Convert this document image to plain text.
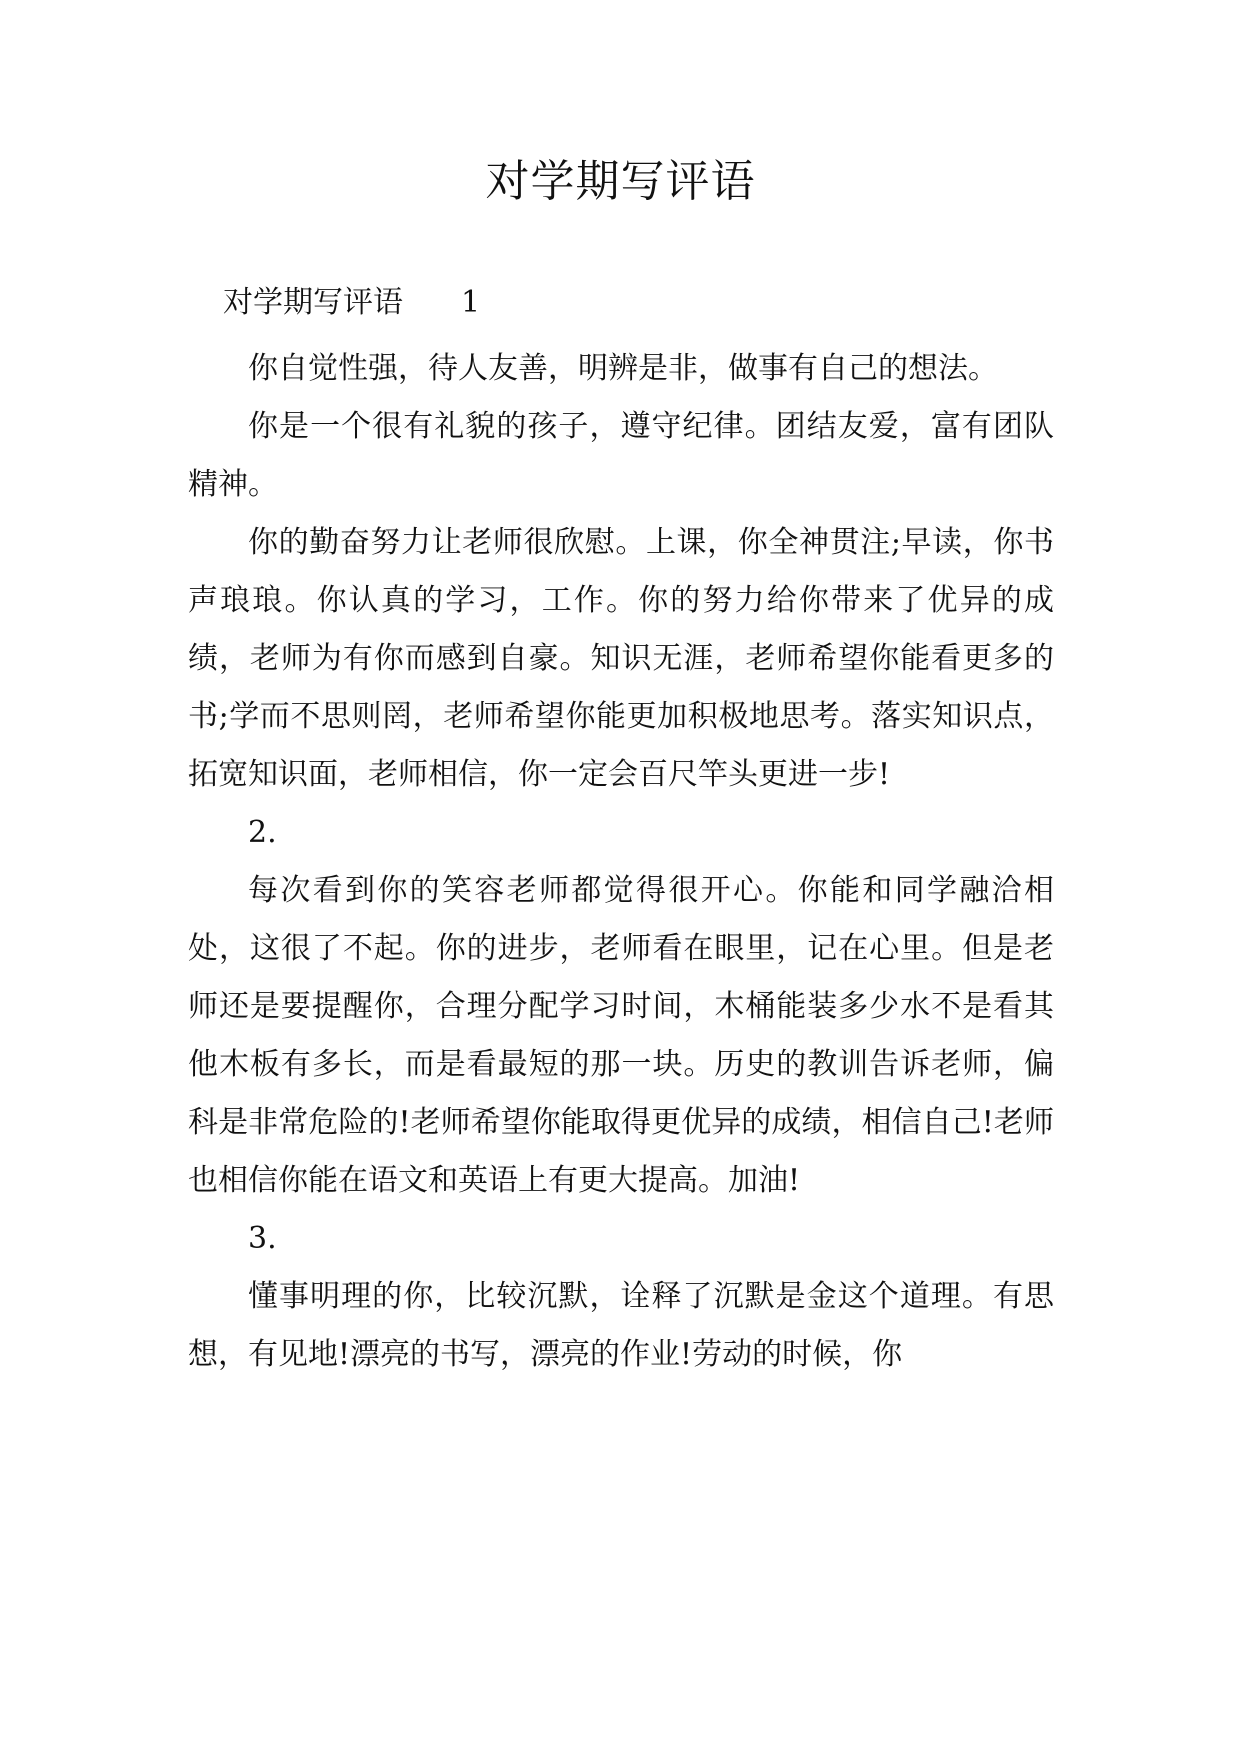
对学期写评语
对学期写评语 1

你自觉性强，待人友善，明辨是非，做事有自己的想法。

你是一个很有礼貌的孩子，遵守纪律。团结友爱，富有团队精神。

你的勤奋努力让老师很欣慰。上课，你全神贯注;早读，你书声琅琅。你认真的学习，工作。你的努力给你带来了优异的成绩，老师为有你而感到自豪。知识无涯，老师希望你能看更多的书;学而不思则罔，老师希望你能更加积极地思考。落实知识点，拓宽知识面，老师相信，你一定会百尺竿头更进一步!

2.

每次看到你的笑容老师都觉得很开心。你能和同学融洽相处，这很了不起。你的进步，老师看在眼里，记在心里。但是老师还是要提醒你，合理分配学习时间，木桶能装多少水不是看其他木板有多长，而是看最短的那一块。历史的教训告诉老师，偏科是非常危险的!老师希望你能取得更优异的成绩，相信自己!老师也相信你能在语文和英语上有更大提高。加油!

3.

懂事明理的你，比较沉默，诠释了沉默是金这个道理。有思想，有见地!漂亮的书写，漂亮的作业!劳动的时候，你
